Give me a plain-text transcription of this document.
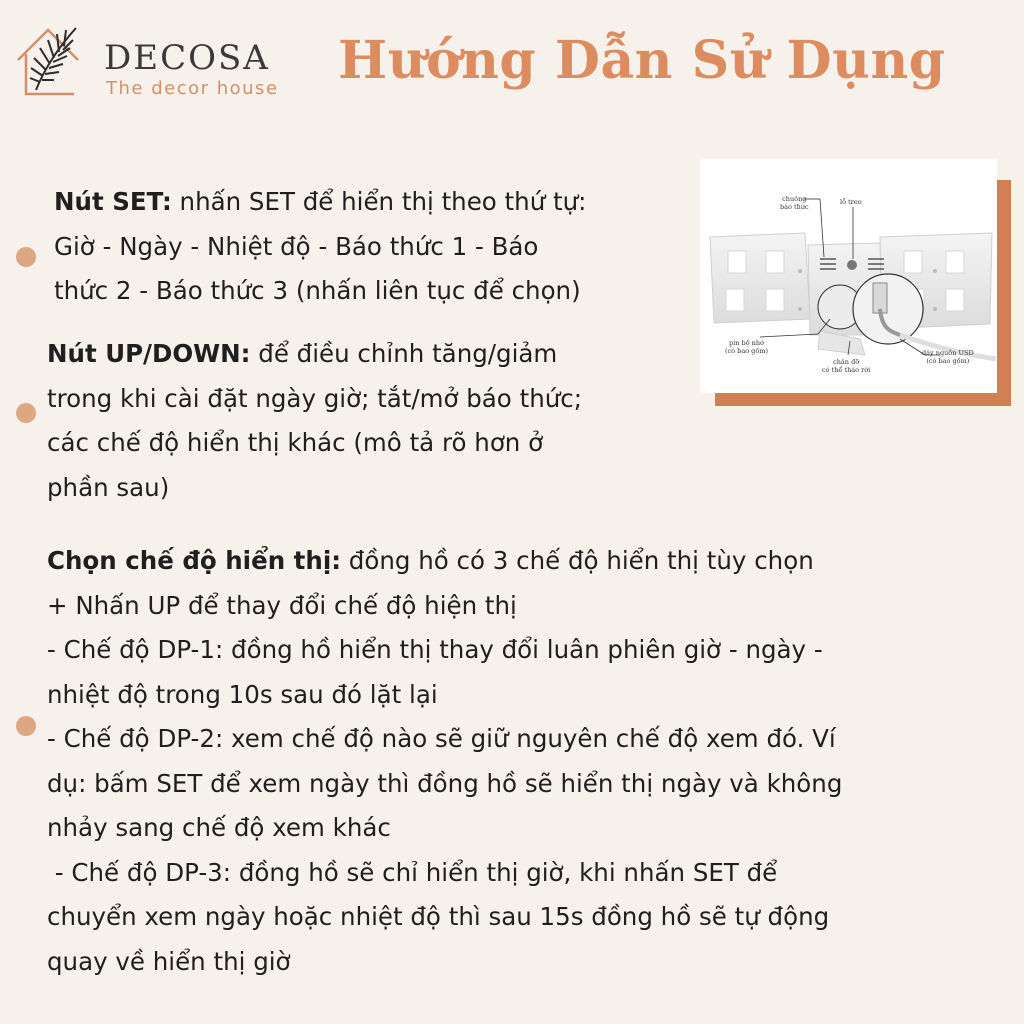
DECOSA
The decor house Hướng Dẫn Sử Dụng
chuông
báo thức
lỗ treo
pin bộ nhớ
(có bao gồm)
chân đỡ
có thể tháo rời
dây nguồn USD
(có bao gồm)
Nút SET: nhấn SET để hiển thị theo thứ tự:
Giờ - Ngày - Nhiệt độ - Báo thức 1 - Báo
thức 2 - Báo thức 3 (nhấn liên tục để chọn)
Nút UP/DOWN: để điều chỉnh tăng/giảm
trong khi cài đặt ngày giờ; tắt/mở báo thức;
các chế độ hiển thị khác (mô tả rõ hơn ở
phần sau)
Chọn chế độ hiển thị: đồng hồ có 3 chế độ hiển thị tùy chọn
+ Nhấn UP để thay đổi chế độ hiện thị
- Chế độ DP-1: đồng hồ hiển thị thay đổi luân phiên giờ - ngày -
nhiệt độ trong 10s sau đó lặt lại
- Chế độ DP-2: xem chế độ nào sẽ giữ nguyên chế độ xem đó. Ví
dụ: bấm SET để xem ngày thì đồng hồ sẽ hiển thị ngày và không
nhảy sang chế độ xem khác
- Chế độ DP-3: đồng hồ sẽ chỉ hiển thị giờ, khi nhấn SET để
chuyển xem ngày hoặc nhiệt độ thì sau 15s đồng hồ sẽ tự động
quay về hiển thị giờ
